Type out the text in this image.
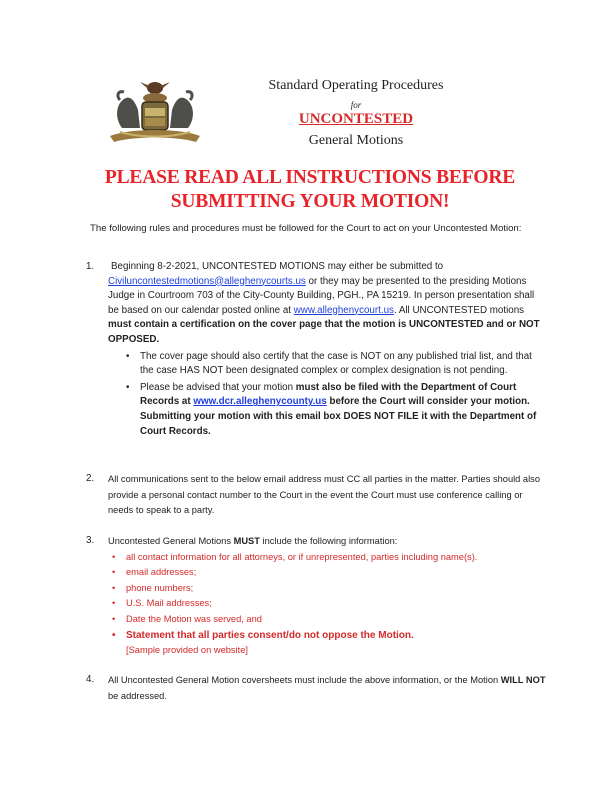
Standard Operating Procedures
for
UNCONTESTED
General Motions
PLEASE READ ALL INSTRUCTIONS BEFORE
SUBMITTING YOUR MOTION!

The following rules and procedures must be followed for the Court to act on your Uncontested Motion:

1.	Beginning 8-2-2021, UNCONTESTED MOTIONS may either be submitted to
Civiluncontestedmotions@alleghenycourts.us or they may be presented to the presiding Motions Judge in Courtroom 703 of the City-County Building, PGH., PA 15219. In person presentation shall be based on our calendar posted online at www.alleghenycourt.us. All UNCONTESTED motions must contain a certification on the cover page that the motion is UNCONTESTED and or NOT OPPOSED.
• The cover page should also certify that the case is NOT on any published trial list, and that the case HAS NOT been designated complex or complex designation is not pending.
• Please be advised that your motion must also be filed with the Department of Court Records at www.dcr.alleghenycounty.us before the Court will consider your motion. Submitting your motion with this email box DOES NOT FILE it with the Department of Court Records.
2. All communications sent to the below email address must CC all parties in the matter. Parties should also provide a personal contact number to the Court in the event the Court must use conference calling or needs to speak to a party.
3. Uncontested General Motions MUST include the following information:

• all contact information for all attorneys, or if unrepresented, parties including name(s).

• email addresses;

• phone numbers;

• U.S. Mail addresses;

• Date the Motion was served, and

• Statement that all parties consent/do not oppose the Motion.

[Sample provided on website]

4. All Uncontested General Motion coversheets must include the above information, or the Motion WILL NOT be addressed.
